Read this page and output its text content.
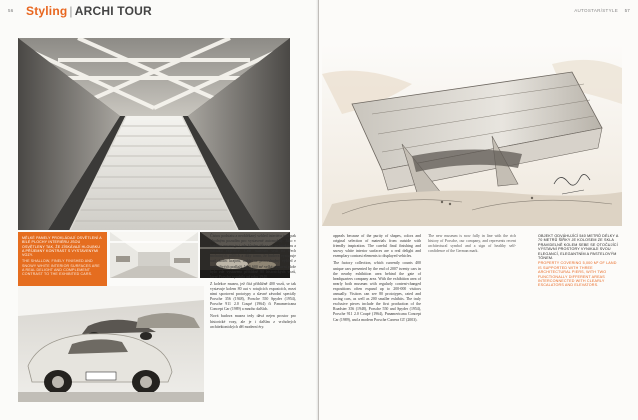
56 Styling | ARCHI TOUR

MĚLKÉ PANELY PROKLÁDAJÍ OSVĚTLENÍ A BÍLÉ PLOCHY INTERIÉRU JSOU OSVĚTLENY TAK, ŽE ZÍSKÁVAJÍ HLOUBKU A PŘÍJEMNÝ KONTRAST S VYSTAVENÝMI VOZY.

THE SHALLOW, FINELY FINISHED AND SNOWY WHITE INTERIOR SURFACES ARE A REAL DELIGHT AND COMPLEMENT CONTRAST TO THE EXHIBITED CARS.

Čistou podstatu a neoblékaný vzhled interiéru jsou pak vhodným pozadím pro vystavené automobily. Jako v každém muzeu je i zde kladen důraz na architekturu a nabídku expozice. Celé muzeum sedí na třech mohutných pilířích a díky tomu, že budova vystupuje nad okolní krajinu, nabízí se pozoruhodný výhled z jednotlivých podlaží. Ve 5.600 m² velké výstavní ploše bylo zde vystaveno přibližně 80 historických vozů, které Porsche vyrobilo od roku 1948.

Z kolekce muzea, jež čítá přibližně 400 vozů, se tak vystavuje kolem 80 aut v rotujících expozicích, mezi nimi sportovní prototypy a slavné závodní speciály Porsche 356 (1948), Porsche 550 Spyder (1954), Porsche 911 2.0 Coupé (1964) či Panamericana Concept Car (1989) a mnoho dalších.

Nová budova muzea tedy dává nejen prostor pro historické vozy, ale je i dalším z vrcholných architektonických děl moderní éry.

AUTOSTAR/STYLE 57

appeals because of the purity of shapes, colors and original selection of materials from outside with friendly inspiration. The careful final finishing and snowy white interior surfaces are a real delight and exemplary contrast elements to displayed vehicles.

The factory collection, which currently counts 400 unique cars presented by the end of 2007 twenty cars in the nearby exhibition area behind the gate of headquarters company area. With the exhibition area of nearly both museum with regularly content-changed expositions often expand up to 200-000 visitors annually. Visitors can see 80 prototypes, rated and racing cars, as well as 200 smaller exhibits. The truly exclusive pieces include the first production of the Roadster 356 (1948), Porsche 550 and Spyder (1954), Porsche 911 2.0 Coupé (1964), Panamericana Concept Car (1989), and a modern Porsche Carrera GT (2003).

The new museum is now fully in line with the rich history of Porsche, our company, and represents recent architectural symbol and a sign of healthy self-confidence of the German mark.

OBJEKT ODVÁHUJÍCÍ 540 METRŮ DÉLKY A 70 METRŮ ŠÍŘKY JE KOLOSEM ZE SKLA PRAVIDELNĚ KOLEM SEBE SE OTOČUJÍCÍ VÝSTAVNÍ PROSTORY VYNIKAJÍ SVOU ELEGANCÍ, ELEGANTNÍM A PASTELOVÝM TÓNEM.

PROPERTY COVERING 5,000 M² OF LAND IS SUPPORTED WITH THREE ARCHITECTURAL PIERS, WITH TWO FUNCTIONALLY DIFFERENT AREAS INTERCONNECTED WITH CLEARLY ESCALATORS AND ELEVATORS.
